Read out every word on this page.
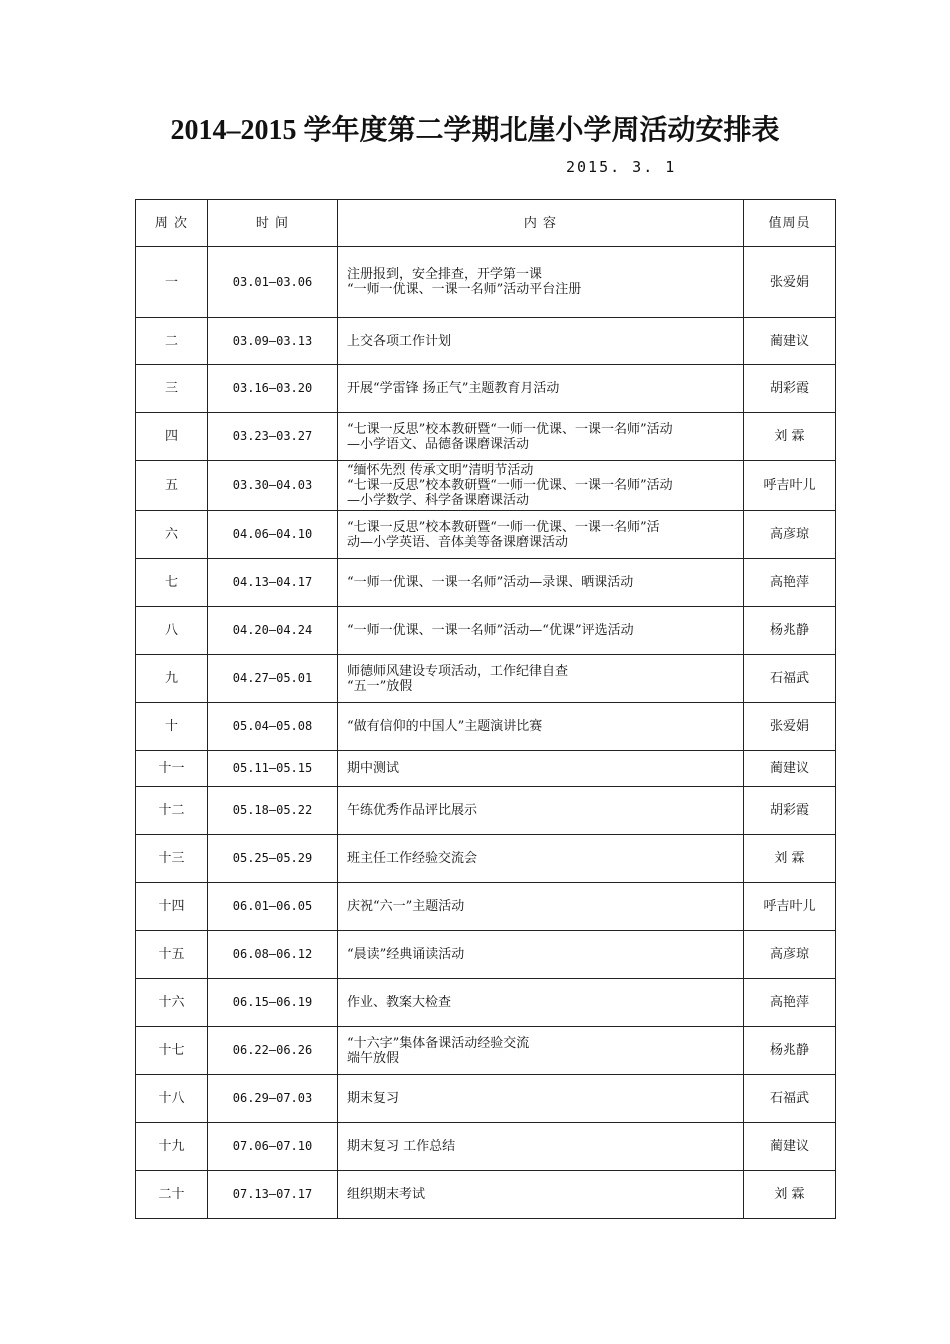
2014–2015 学年度第二学期北崖小学周活动安排表
2015. 3. 1
周 次	时 间	内 容	值周员
一	03.01—03.06	注册报到，安全排查，开学第一课
“一师一优课、一课一名师”活动平台注册	张爱娟
二	03.09—03.13	上交各项工作计划	蔺建议
三	03.16—03.20	开展“学雷锋 扬正气”主题教育月活动	胡彩霞
四	03.23—03.27	“七课一反思”校本教研暨“一师一优课、一课一名师”活动
—小学语文、品德备课磨课活动	刘 霖
五	03.30—04.03	“缅怀先烈 传承文明”清明节活动
“七课一反思”校本教研暨“一师一优课、一课一名师”活动
—小学数学、科学备课磨课活动	呼吉叶儿
六	04.06—04.10	“七课一反思”校本教研暨“一师一优课、一课一名师”活
动—小学英语、音体美等备课磨课活动	高彦琼
七	04.13—04.17	“一师一优课、一课一名师”活动—录课、晒课活动	高艳萍
八	04.20—04.24	“一师一优课、一课一名师”活动—“优课”评选活动	杨兆静
九	04.27—05.01	师德师风建设专项活动，工作纪律自查
“五一”放假	石福武
十	05.04—05.08	“做有信仰的中国人”主题演讲比赛	张爱娟
十一	05.11—05.15	期中测试	蔺建议
十二	05.18—05.22	午练优秀作品评比展示	胡彩霞
十三	05.25—05.29	班主任工作经验交流会	刘 霖
十四	06.01—06.05	庆祝“六一”主题活动	呼吉叶儿
十五	06.08—06.12	“晨读”经典诵读活动	高彦琼
十六	06.15—06.19	作业、教案大检查	高艳萍
十七	06.22—06.26	“十六字”集体备课活动经验交流
端午放假	杨兆静
十八	06.29—07.03	期末复习	石福武
十九	07.06—07.10	期末复习 工作总结	蔺建议
二十	07.13—07.17	组织期末考试	刘 霖
